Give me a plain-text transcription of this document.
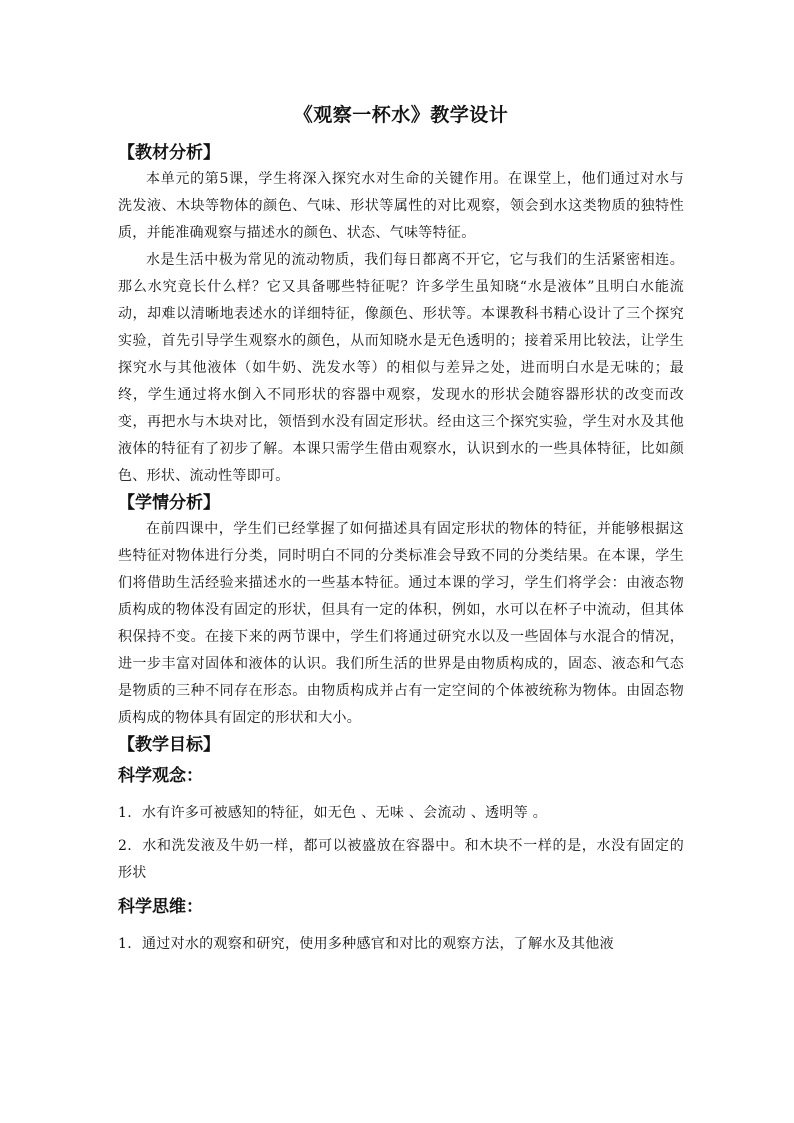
《观察一杯水》教学设计
【教材分析】

本单元的第5课，学生将深入探究水对生命的关键作用。在课堂上，他们通过对水与洗发液、木块等物体的颜色、气味、形状等属性的对比观察，领会到水这类物质的独特性质，并能准确观察与描述水的颜色、状态、气味等特征。

水是生活中极为常见的流动物质，我们每日都离不开它，它与我们的生活紧密相连。那么水究竟长什么样？它又具备哪些特征呢？许多学生虽知晓“水是液体”且明白水能流动，却难以清晰地表述水的详细特征，像颜色、形状等。本课教科书精心设计了三个探究实验，首先引导学生观察水的颜色，从而知晓水是无色透明的；接着采用比较法，让学生探究水与其他液体（如牛奶、洗发水等）的相似与差异之处，进而明白水是无味的；最终，学生通过将水倒入不同形状的容器中观察，发现水的形状会随容器形状的改变而改变，再把水与木块对比，领悟到水没有固定形状。经由这三个探究实验，学生对水及其他液体的特征有了初步了解。本课只需学生借由观察水，认识到水的一些具体特征，比如颜色、形状、流动性等即可。

【学情分析】

在前四课中，学生们已经掌握了如何描述具有固定形状的物体的特征，并能够根据这些特征对物体进行分类，同时明白不同的分类标准会导致不同的分类结果。在本课，学生们将借助生活经验来描述水的一些基本特征。通过本课的学习，学生们将学会：由液态物质构成的物体没有固定的形状，但具有一定的体积，例如，水可以在杯子中流动，但其体积保持不变。在接下来的两节课中，学生们将通过研究水以及一些固体与水混合的情况，进一步丰富对固体和液体的认识。我们所生活的世界是由物质构成的，固态、液态和气态是物质的三种不同存在形态。由物质构成并占有一定空间的个体被统称为物体。由固态物质构成的物体具有固定的形状和大小。

【教学目标】
科学观念：

1. 水有许多可被感知的特征，如无色 、无味 、会流动 、透明等 。

2. 水和洗发液及牛奶一样，都可以被盛放在容器中。和木块不一样的是，水没有固定的形状

科学思维：

1. 通过对水的观察和研究，使用多种感官和对比的观察方法，了解水及其他液
